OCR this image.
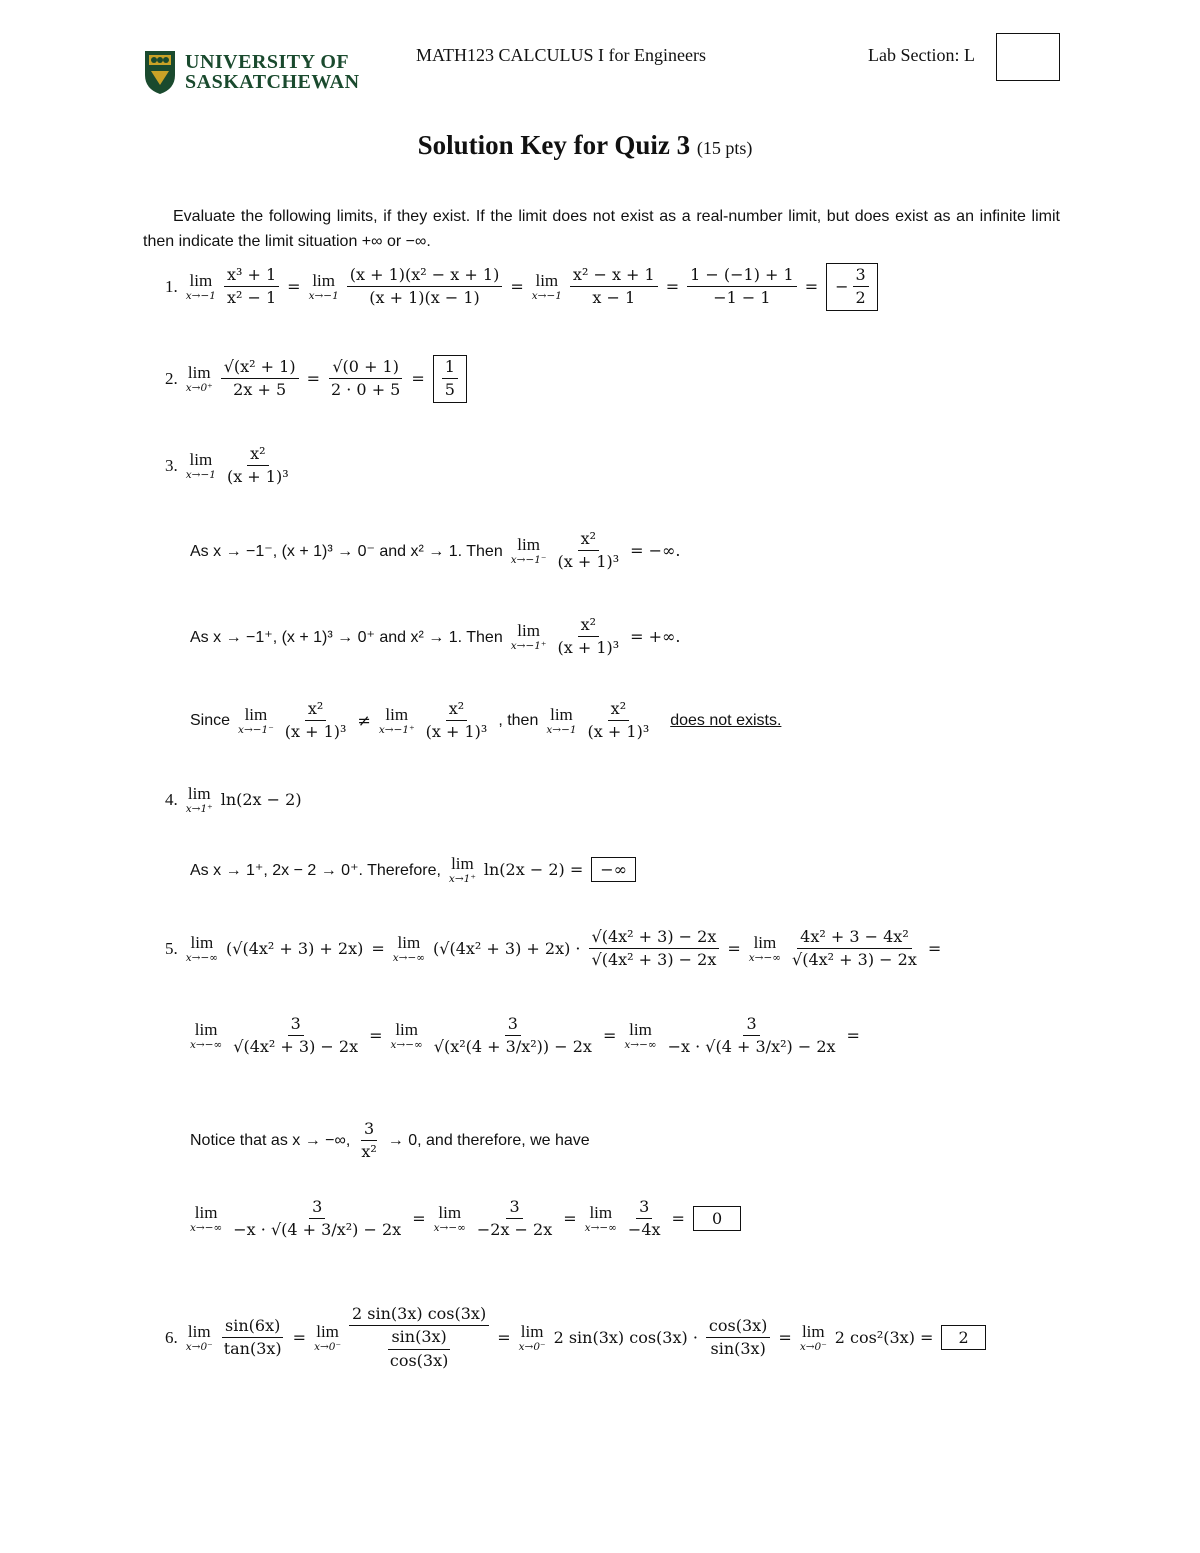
UNIVERSITY OF
SASKATCHEWAN
MATH123 CALCULUS I for Engineers	Lab Section: L
Solution Key for Quiz 3 (15 pts)
Evaluate the following limits, if they exist. If the limit does not exist as a real-number limit, but does exist as an infinite limit then indicate the limit situation +∞ or −∞.
1. lim
$x\to-1 \frac{\text{x³ + 1}}{\text{x² − 1}} = \lim$
$x\to-1 \frac{\text{(x + 1)(x² − x + 1)}}{(x + 1)(x - 1)} = \lim$
$x\to-1 \frac{\text{x² − x + 1}}{x - 1} = \frac{1 - (-1) + 1}{-1 - 1}$ = − $\frac{3}{2}$
2. lim
$x\to 0^+ \frac{\text{√(x² + 1)}}{2x + 5} = \frac{√(0 + 1)}{2 \cdot 0 + 5} = \frac{1}{5}$
3. lim
$x\to-1 \frac{\text{x²}}{\text{(x + 1)³}}$
As x → −1⁻, (x + 1)³ → 0⁻ and x² → 1. Then lim
$x\to-1^- \frac{\text{x²}}{\text{(x + 1)³}}$ = −∞.
As x → −1⁺, (x + 1)³ → 0⁺ and x² → 1. Then lim
$x\to-1^+ \frac{\text{x²}}{\text{(x + 1)³}}$ = +∞.
Since lim
$x\to-1^- \frac{\text{x²}}{\text{(x + 1)³}} \ne \lim$
$x\to-1^+ \frac{\text{x²}}{\text{(x + 1)³}}$ , then lim
$x\to-1 \frac{\text{x²}}{\text{(x + 1)³}}$ does not exists.
4. lim
x→1⁺ ln(2x − 2)
As x → 1⁺, 2x − 2 → 0⁺. Therefore, lim
x→1⁺ ln(2x − 2) =	−∞
5. lim
x→−∞ (√(4x² + 3) + 2x) = lim
x→−∞ $(√(4x^2 + 3) + 2x) \cdot \frac{\text{√(4x² + 3) − 2x}}{\text{√(4x² + 3) − 2x}} = \lim$
$x\to-\infty \frac{\text{4x² + 3 − 4x²}}{\text{√(4x² + 3) − 2x}}$ =
lim
$x\to-\infty \frac{3}{\text{√(4x² + 3) − 2x}} = \lim$
$x\to-\infty \frac{3}{\text{√(x²(4 + 3/x²)) − 2x}} = \lim$
$x\to-\infty \frac{3}{\text{−x · √(4 + 3/x²) − 2x}}$ =
Notice that as x → −∞, $\frac{3}{\text{x²}} \to 0$, and therefore, we have
lim
$x\to-\infty \frac{3}{\text{−x · √(4 + 3/x²) − 2x}} = \lim$
$x\to-\infty \frac{3}{-2x - 2x} = \lim$
$x\to-\infty \frac{3}{-4x}$ =	0
6. lim
$x\to 0^- \frac{\sin(6x)}{\tan(3x)} = \lim$
$x\to 0^- \frac{2 \sin(3x) \cos(3x)}{\frac{\sin(3x)}{\cos(3x)}} = \lim$
x→0⁻ 2 sin(3x) $\cos(3x) \cdot \frac{\cos(3x)}{\sin(3x)} = \lim$
x→0⁻ 2 cos²(3x) =	2
